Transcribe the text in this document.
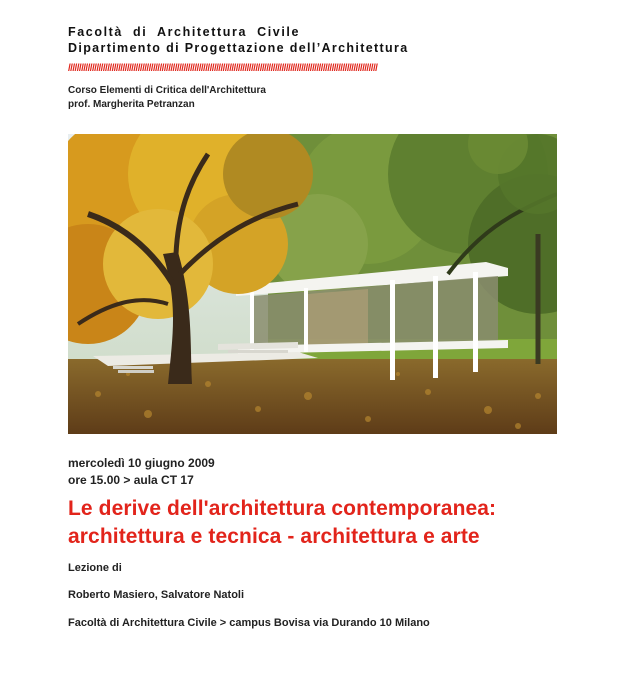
Facoltà di Architettura Civile
Dipartimento di Progettazione dell’Architettura
//////////////////////////////////////////////////////////////////////////////////////////////////////////////////////////////////////////////
Corso Elementi di Critica dell'Architettura
prof. Margherita Petranzan
mercoledì 10 giugno 2009
ore 15.00 > aula CT 17
Le derive dell'architettura contemporanea:
architettura e tecnica - architettura e arte
Lezione di
Roberto Masiero, Salvatore Natoli
Facoltà di Architettura Civile > campus Bovisa via Durando 10 Milano
